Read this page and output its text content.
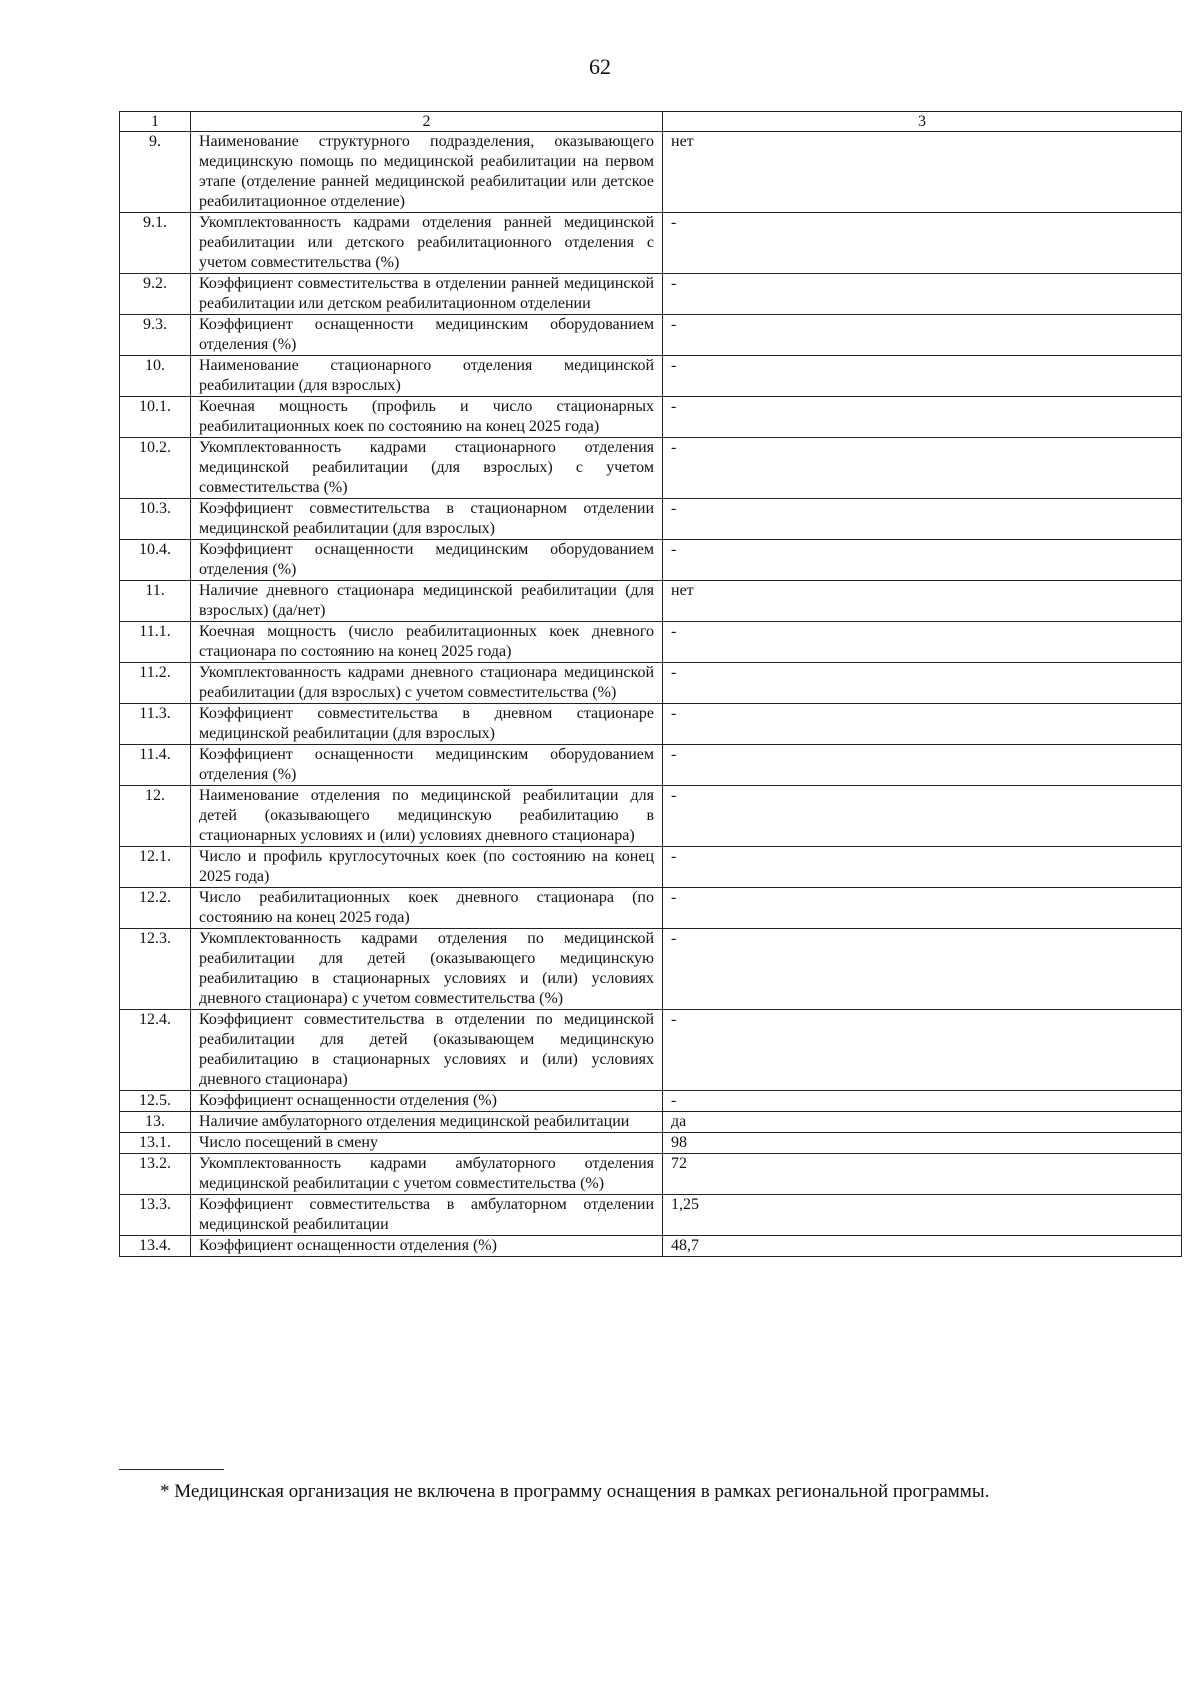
62
1	2	3
9.	Наименование структурного подразделения, оказывающего медицинскую помощь по медицинской реабилитации на первом этапе (отделение ранней медицинской реабилитации или детское реабилитационное отделение)	нет
9.1.	Укомплектованность кадрами отделения ранней медицинской реабилитации или детского реабилитационного отделения с учетом совместительства (%)	-
9.2.	Коэффициент совместительства в отделении ранней медицинской реабилитации или детском реабилитационном отделении	-
9.3.	Коэффициент оснащенности медицинским оборудованием отделения (%)	-
10.	Наименование стационарного отделения медицинской реабилитации (для взрослых)	-
10.1.	Коечная мощность (профиль и число стационарных реабилитационных коек по состоянию на конец 2025 года)	-
10.2.	Укомплектованность кадрами стационарного отделения медицинской реабилитации (для взрослых) с учетом совместительства (%)	-
10.3.	Коэффициент совместительства в стационарном отделении медицинской реабилитации (для взрослых)	-
10.4.	Коэффициент оснащенности медицинским оборудованием отделения (%)	-
11.	Наличие дневного стационара медицинской реабилитации (для взрослых) (да/нет)	нет
11.1.	Коечная мощность (число реабилитационных коек дневного стационара по состоянию на конец 2025 года)	-
11.2.	Укомплектованность кадрами дневного стационара медицинской реабилитации (для взрослых) с учетом совместительства (%)	-
11.3.	Коэффициент совместительства в дневном стационаре медицинской реабилитации (для взрослых)	-
11.4.	Коэффициент оснащенности медицинским оборудованием отделения (%)	-
12.	Наименование отделения по медицинской реабилитации для детей (оказывающего медицинскую реабилитацию в стационарных условиях и (или) условиях дневного стационара)	-
12.1.	Число и профиль круглосуточных коек (по состоянию на конец 2025 года)	-
12.2.	Число реабилитационных коек дневного стационара (по состоянию на конец 2025 года)	-
12.3.	Укомплектованность кадрами отделения по медицинской реабилитации для детей (оказывающего медицинскую реабилитацию в стационарных условиях и (или) условиях дневного стационара) с учетом совместительства (%)	-
12.4.	Коэффициент совместительства в отделении по медицинской реабилитации для детей (оказывающем медицинскую реабилитацию в стационарных условиях и (или) условиях дневного стационара)	-
12.5.	Коэффициент оснащенности отделения (%)	-
13.	Наличие амбулаторного отделения медицинской реабилитации	да
13.1.	Число посещений в смену	98
13.2.	Укомплектованность кадрами амбулаторного отделения медицинской реабилитации с учетом совместительства (%)	72
13.3.	Коэффициент совместительства в амбулаторном отделении медицинской реабилитации	1,25
13.4.	Коэффициент оснащенности отделения (%)	48,7
* Медицинская организация не включена в программу оснащения в рамках региональной программы.
